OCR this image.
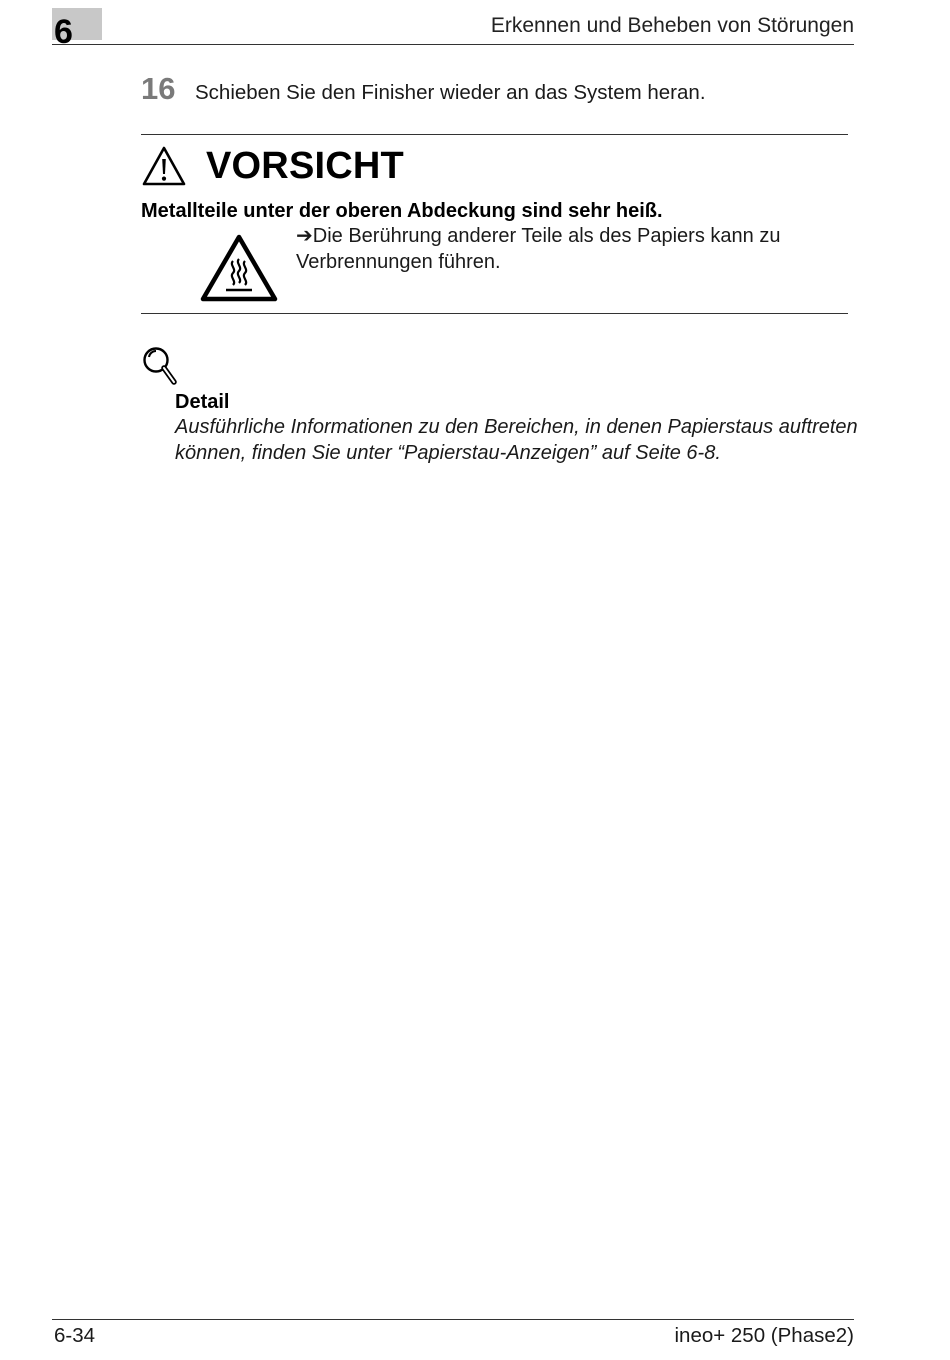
6	Erkennen und Beheben von Störungen
16 Schieben Sie den Finisher wieder an das System heran.
VORSICHT
Metallteile unter der oberen Abdeckung sind sehr heiß.
➔Die Berührung anderer Teile als des Papiers kann zu Verbrennungen führen.
Detail
Ausführliche Informationen zu den Bereichen, in denen Papierstaus auftreten können, finden Sie unter “Papierstau-Anzeigen” auf Seite 6-8.
6-34	ineo+ 250 (Phase2)
